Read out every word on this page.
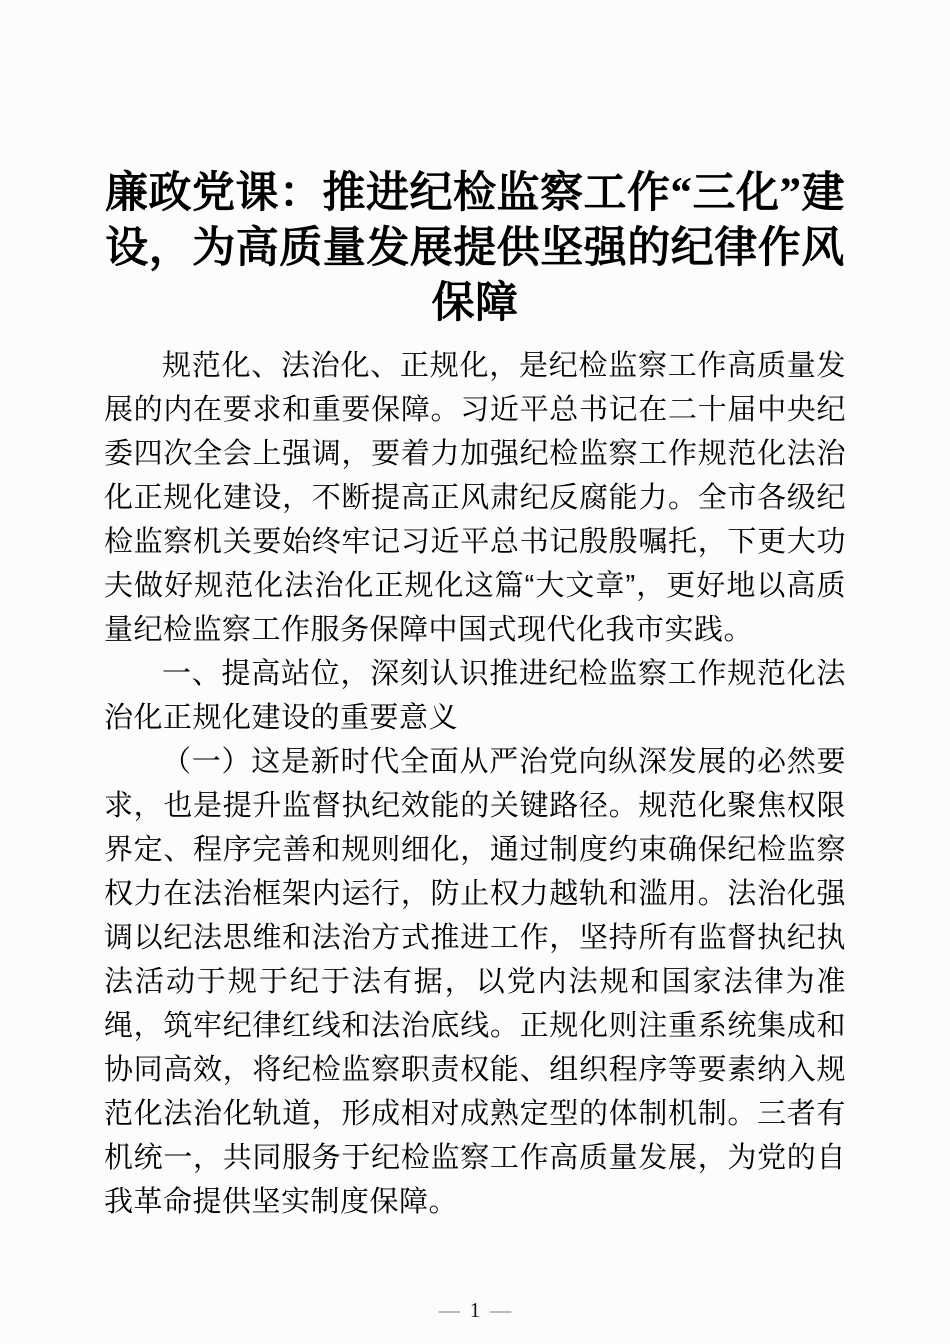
廉政党课：推进纪检监察工作“三化”建设，为高质量发展提供坚强的纪律作风保障

规范化、法治化、正规化，是纪检监察工作高质量发展的内在要求和重要保障。习近平总书记在二十届中央纪委四次全会上强调，要着力加强纪检监察工作规范化法治化正规化建设，不断提高正风肃纪反腐能力。全市各级纪检监察机关要始终牢记习近平总书记殷殷嘱托，下更大功夫做好规范化法治化正规化这篇“大文章”，更好地以高质量纪检监察工作服务保障中国式现代化我市实践。

一、提高站位，深刻认识推进纪检监察工作规范化法治化正规化建设的重要意义

（一）这是新时代全面从严治党向纵深发展的必然要求，也是提升监督执纪效能的关键路径。规范化聚焦权限界定、程序完善和规则细化，通过制度约束确保纪检监察权力在法治框架内运行，防止权力越轨和滥用。法治化强调以纪法思维和法治方式推进工作，坚持所有监督执纪执法活动于规于纪于法有据，以党内法规和国家法律为准绳，筑牢纪律红线和法治底线。正规化则注重系统集成和协同高效，将纪检监察职责权能、组织程序等要素纳入规范化法治化轨道，形成相对成熟定型的体制机制。三者有机统一，共同服务于纪检监察工作高质量发展，为党的自我革命提供坚实制度保障。

— 1 —
